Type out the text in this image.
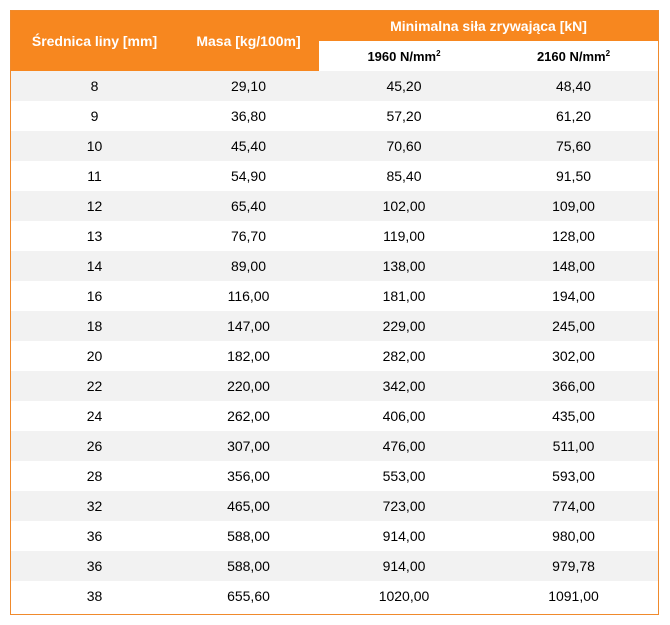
Średnica liny [mm]	Masa [kg/100m]	Minimalna siła zrywająca [kN]	
		1960 $N/mm^2$	2160 $N/mm^2$
8	29,10	45,20	48,40
9	36,80	57,20	61,20
10	45,40	70,60	75,60
11	54,90	85,40	91,50
12	65,40	102,00	109,00
13	76,70	119,00	128,00
14	89,00	138,00	148,00
16	116,00	181,00	194,00
18	147,00	229,00	245,00
20	182,00	282,00	302,00
22	220,00	342,00	366,00
24	262,00	406,00	435,00
26	307,00	476,00	511,00
28	356,00	553,00	593,00
32	465,00	723,00	774,00
36	588,00	914,00	980,00
36	588,00	914,00	979,78
38	655,60	1020,00	1091,00
